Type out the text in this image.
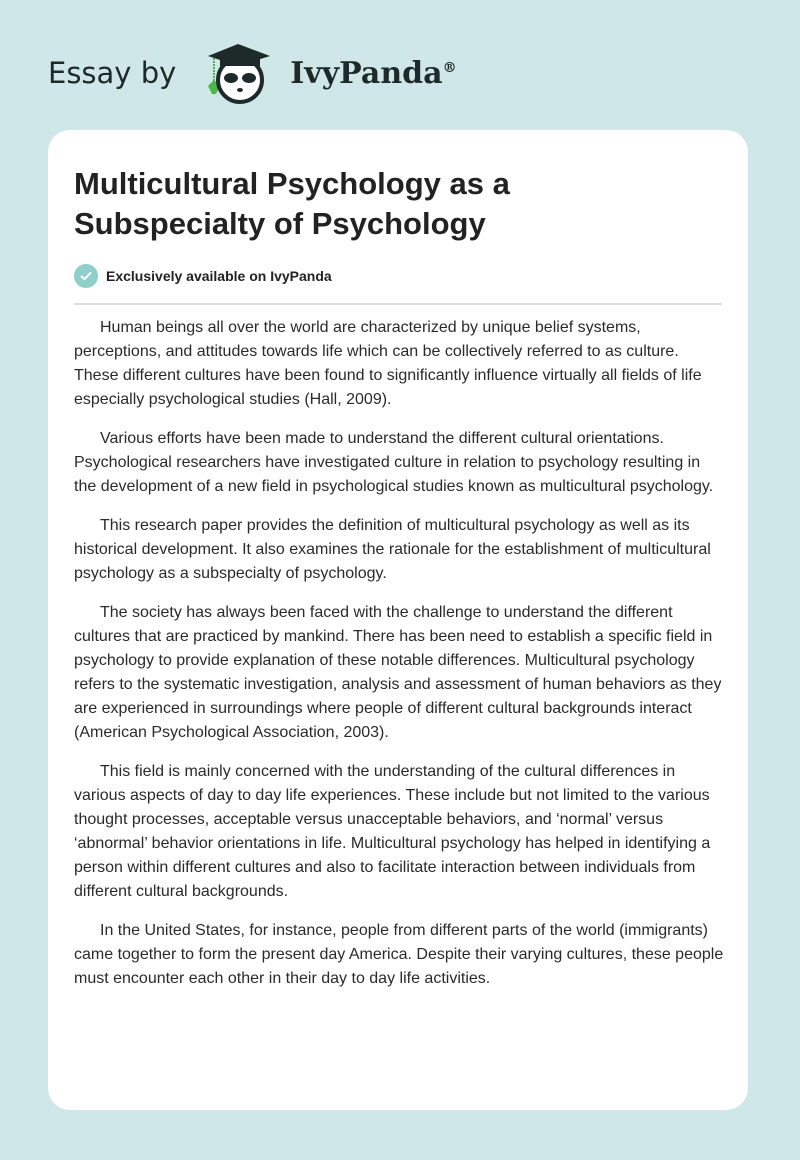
Essay by	IvyPanda®
Multicultural Psychology as a Subspecialty of Psychology
Exclusively available on IvyPanda

Human beings all over the world are characterized by unique belief systems, perceptions, and attitudes towards life which can be collectively referred to as culture. These different cultures have been found to significantly influence virtually all fields of life especially psychological studies (Hall, 2009).

Various efforts have been made to understand the different cultural orientations. Psychological researchers have investigated culture in relation to psychology resulting in the development of a new field in psychological studies known as multicultural psychology.

This research paper provides the definition of multicultural psychology as well as its historical development. It also examines the rationale for the establishment of multicultural psychology as a subspecialty of psychology.

The society has always been faced with the challenge to understand the different cultures that are practiced by mankind. There has been need to establish a specific field in psychology to provide explanation of these notable differences. Multicultural psychology refers to the systematic investigation, analysis and assessment of human behaviors as they are experienced in surroundings where people of different cultural backgrounds interact (American Psychological Association, 2003).

This field is mainly concerned with the understanding of the cultural differences in various aspects of day to day life experiences. These include but not limited to the various thought processes, acceptable versus unacceptable behaviors, and ‘normal’ versus ‘abnormal’ behavior orientations in life. Multicultural psychology has helped in identifying a person within different cultures and also to facilitate interaction between individuals from different cultural backgrounds.

In the United States, for instance, people from different parts of the world (immigrants) came together to form the present day America. Despite their varying cultures, these people must encounter each other in their day to day life activities.
